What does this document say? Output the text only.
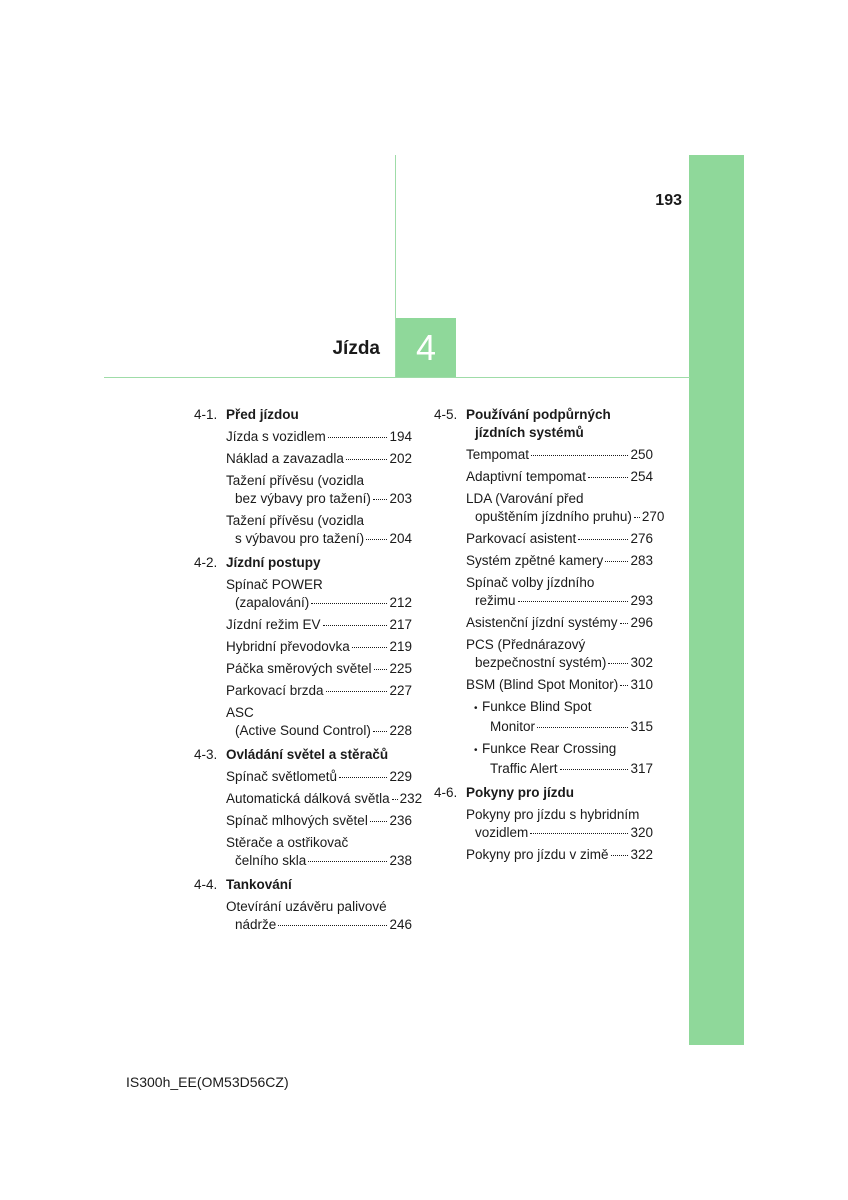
4
Jízda
193
4-1. Před jízdou
Jízda s vozidlem	194
Náklad a zavazadla	202
Tažení přívěsu (vozidla
bez výbavy pro tažení) 203
Tažení přívěsu (vozidla
s výbavou pro tažení) 204
4-2. Jízdní postupy
Spínač POWER
(zapalování)	212
Jízdní režim EV	217
Hybridní převodovka	219
Páčka směrových světel 225
Parkovací brzda	227
ASC
(Active Sound Control) 228
4-3. Ovládání světel a stěračů
Spínač světlometů	229
Automatická dálková světla 232
Spínač mlhových světel 236
Stěrače a ostřikovač
čelního skla	238
4-4. Tankování
Otevírání uzávěru palivové
nádrže	246
4-5. Používání podpůrných
jízdních systémů
Tempomat	250
Adaptivní tempomat	254
LDA (Varování před
opuštěním jízdního pruhu) 270
Parkovací asistent	276
Systém zpětné kamery 283
Spínač volby jízdního
režimu	293
Asistenční jízdní systémy 296
PCS (Přednárazový
bezpečnostní systém) 302
BSM (Blind Spot Monitor) 310
• Funkce Blind Spot
Monitor	315
• Funkce Rear Crossing
Traffic Alert	317
4-6. Pokyny pro jízdu
Pokyny pro jízdu s hybridním
vozidlem	320
Pokyny pro jízdu v zimě 322
IS300h_EE(OM53D56CZ)
